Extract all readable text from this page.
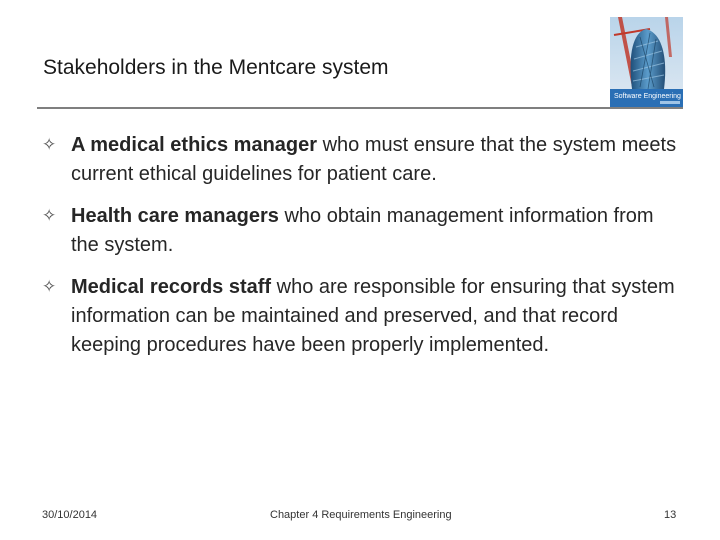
Stakeholders in the Mentcare system
Software Engineering
✧ A medical ethics manager who must ensure that the system meets current ethical guidelines for patient care.
✧ Health care managers who obtain management information from the system.
✧ Medical records staff who are responsible for ensuring that system information can be maintained and preserved, and that record keeping procedures have been properly implemented.
30/10/2014	Chapter 4 Requirements Engineering	13
